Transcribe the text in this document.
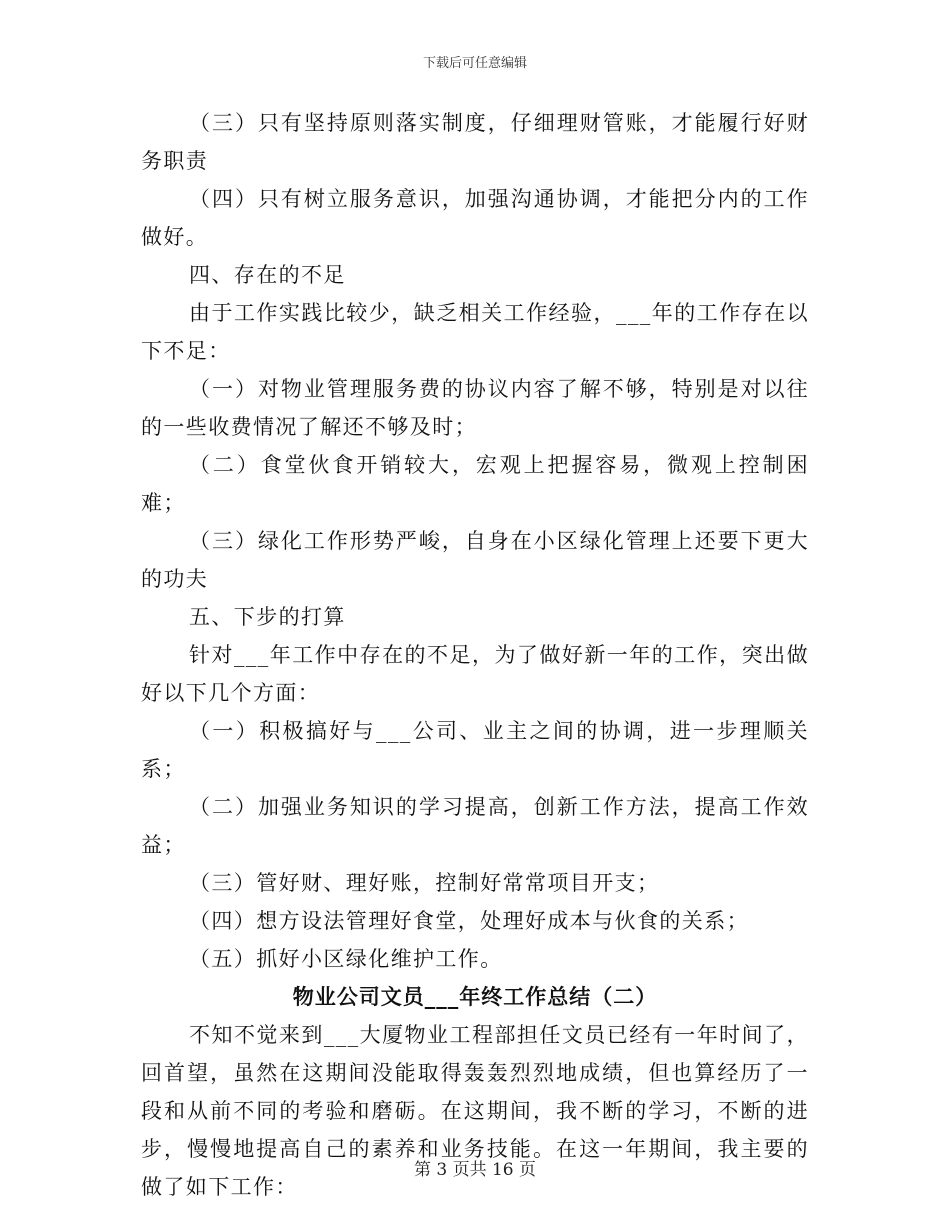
下载后可任意编辑

（三）只有坚持原则落实制度，仔细理财管账，才能履行好财务职责

（四）只有树立服务意识，加强沟通协调，才能把分内的工作做好。

四、存在的不足

由于工作实践比较少，缺乏相关工作经验，___年的工作存在以下不足：

（一）对物业管理服务费的协议内容了解不够，特别是对以往的一些收费情况了解还不够及时；

（二）食堂伙食开销较大，宏观上把握容易，微观上控制困难；

（三）绿化工作形势严峻，自身在小区绿化管理上还要下更大的功夫

五、下步的打算

针对___年工作中存在的不足，为了做好新一年的工作，突出做好以下几个方面：

（一）积极搞好与___公司、业主之间的协调，进一步理顺关系；

（二）加强业务知识的学习提高，创新工作方法，提高工作效益；

（三）管好财、理好账，控制好常常项目开支；

（四）想方设法管理好食堂，处理好成本与伙食的关系；

（五）抓好小区绿化维护工作。

物业公司文员___年终工作总结（二）

不知不觉来到___大厦物业工程部担任文员已经有一年时间了，回首望，虽然在这期间没能取得轰轰烈烈地成绩，但也算经历了一段和从前不同的考验和磨砺。在这期间，我不断的学习，不断的进步，慢慢地提高自己的素养和业务技能。在这一年期间，我主要的做了如下工作：

第 3 页共 16 页
